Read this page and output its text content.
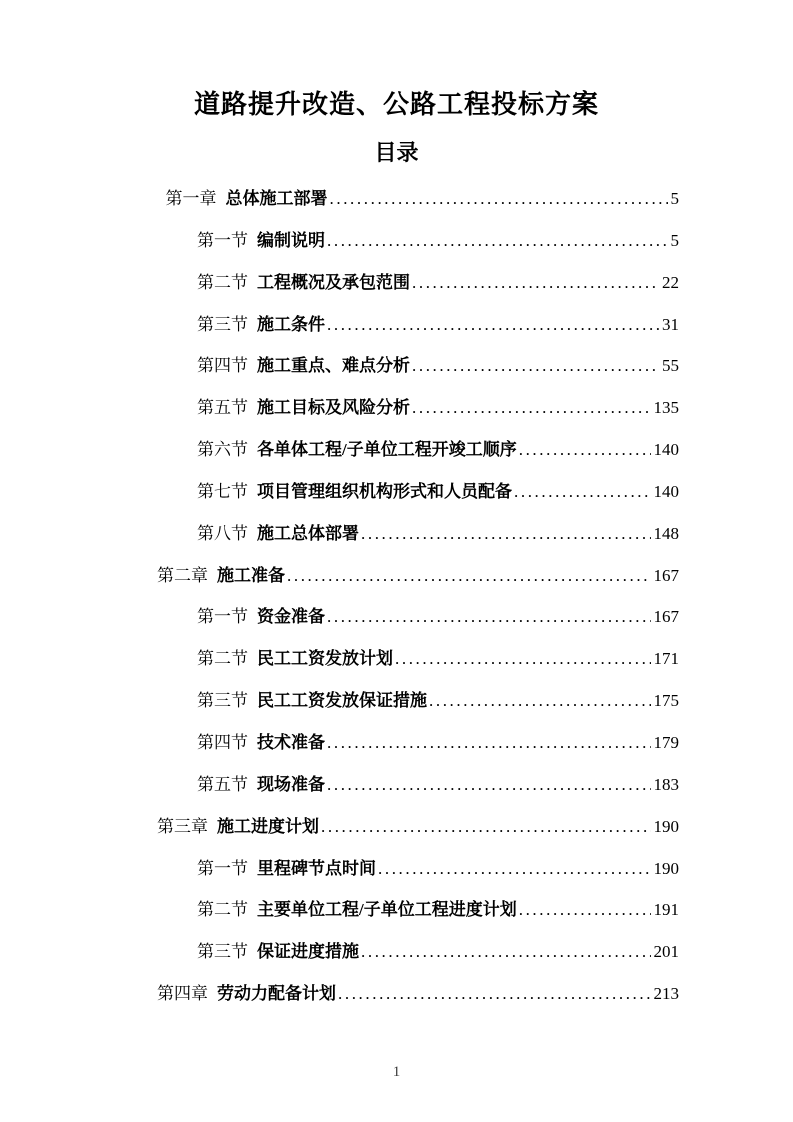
道路提升改造、公路工程投标方案
目录
 第一章 总体施工部署 .....	5
第一节 编制说明 .....	5
第二节 工程概况及承包范围 .....	22
第三节 施工条件 .....	31
第四节 施工重点、难点分析 .....	55
第五节 施工目标及风险分析 .....	135
第六节 各单体工程/子单位工程开竣工顺序 .....	140
第七节 项目管理组织机构形式和人员配备 .....	140
第八节 施工总体部署 .....	148
第二章 施工准备 .....	167
第一节 资金准备 .....	167
第二节 民工工资发放计划 .....	171
第三节 民工工资发放保证措施 .....	175
第四节 技术准备 .....	179
第五节 现场准备 .....	183
第三章 施工进度计划 .....	190
第一节 里程碑节点时间 .....	190
第二节 主要单位工程/子单位工程进度计划 .....	191
第三节 保证进度措施 .....	201
第四章 劳动力配备计划 .....	213
1
